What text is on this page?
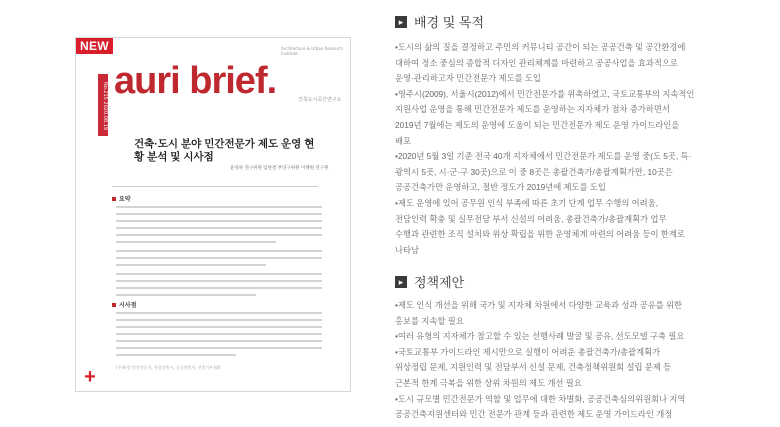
NEW	Architecture & Urban Research Institute
No.215 2020.08.19
auri brief.	건축도시공간연구소
건축·도시 분야 민간전문가 제도 운영 현황 분석 및 시사점
윤성하 연구위원 임한결 부연구위원 이혜원 연구원
요약
시사점
(주제어) 민간전문가, 총괄건축가, 공공건축가, 건축기본계획
+
▸ 배경 및 목적
•도시의 삶의 질을 결정하고 주민의 커뮤니티 공간이 되는 공공건축 및 공간환경에
대하여 정소 중심의 종합적 디자인 관리체계를 마련하고 공공사업을 효과적으로
운영·관리하고자 민간전문가 제도를 도입
•영주시(2009), 서울시(2012)에서 민간전문가를 위촉하였고, 국토교통부의 지속적인
지원사업 운영을 통해 민간전문가 제도를 운영하는 지자체가 점차 증가하면서
2019년 7월에는 제도의 운영에 도움이 되는 민간전문가 제도 운영 가이드라인을
배포
•2020년 5월 3일 기준 전국 40개 지자체에서 민간전문가 제도를 운영 중(도 5곳, 특·
광역시 5곳, 시·군·구 30곳)으로 이 중 8곳은 총괄건축가/총괄계획가만, 10곳은
공공건축가만 운영하고, 절반 정도가 2019년에 제도를 도입
•제도 운영에 있어 공무원 인식 부족에 따른 초기 단계 업무 수행의 어려움,
전담인력 확충 및 실무전담 부서 신설의 어려움, 총괄건축가/총괄계획가 업무
수행과 관련한 조직 설치와 위상 확립을 위한 운영체계 마련의 어려움 등이 한계로
나타남
▸ 정책제안
•제도 인식 개선을 위해 국가 및 지자체 차원에서 다양한 교육과 성과 공유를 위한
홍보를 지속할 필요
•여러 유형의 지자체가 참고할 수 있는 선행사례 발굴 및 공유, 선도모델 구축 필요
•국토교통부 가이드라인 제시만으로 실행이 어려운 총괄건축가/총괄계획가
위상정립 문제, 지원인력 및 전담부서 신설 문제, 건축정책위원회 설립 문제 등
근본적 한계 극복을 위한 상위 차원의 제도 개선 필요
•도시 규모별 민간전문가 역할 및 업무에 대한 차별화, 공공건축심의위원회나 지역
공공건축지원센터와 민간 전문가 관계 등과 관련한 제도 운영 가이드라인 개정
